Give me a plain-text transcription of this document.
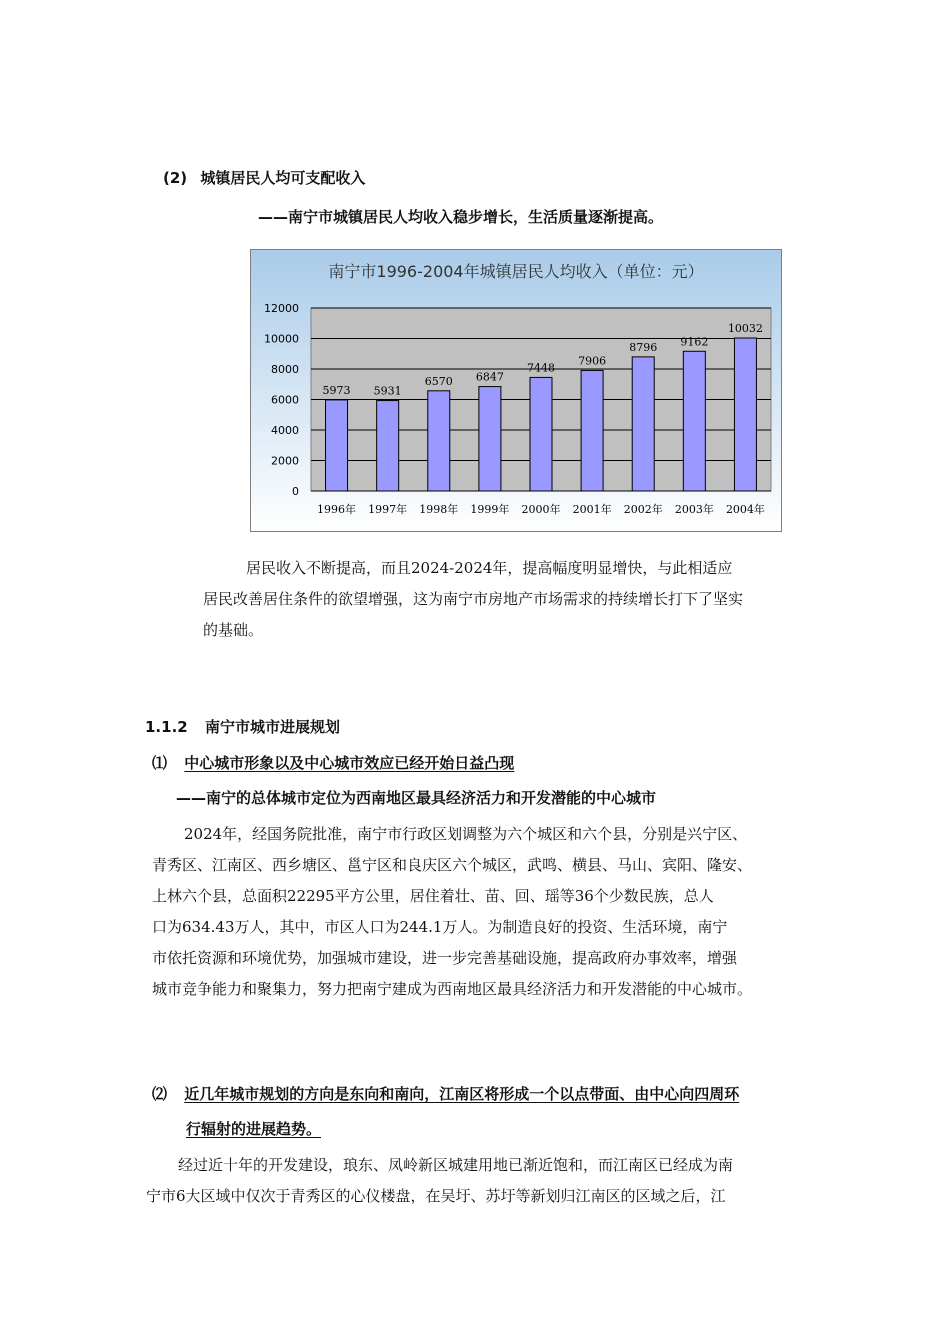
(2) 城镇居民人均可支配收入
——南宁市城镇居民人均收入稳步增长，生活质量逐渐提高。
南宁市1996-2004年城镇居民人均收入（单位：元）
0
2000
4000
6000
8000
10000
12000
5973
1996年
5931
1997年
6570
1998年
6847
1999年
7448
2000年
7906
2001年
8796
2002年
9162
2003年
10032
2004年

居民收入不断提高，而且2024-2024年，提高幅度明显增快，与此相适应

居民改善居住条件的欲望增强，这为南宁市房地产市场需求的持续增长打下了坚实

的基础。

1.1.2 南宁市城市进展规划
⑴ 中心城市形象以及中心城市效应已经开始日益凸现
——南宁的总体城市定位为西南地区最具经济活力和开发潜能的中心城市

2024年，经国务院批准，南宁市行政区划调整为六个城区和六个县，分别是兴宁区、

青秀区、江南区、西乡塘区、邕宁区和良庆区六个城区，武鸣、横县、马山、宾阳、隆安、

上林六个县，总面积22295平方公里，居住着壮、苗、回、瑶等36个少数民族，总人

口为634.43万人，其中，市区人口为244.1万人。为制造良好的投资、生活环境，南宁

市依托资源和环境优势，加强城市建设，进一步完善基础设施，提高政府办事效率，增强

城市竞争能力和聚集力，努力把南宁建成为西南地区最具经济活力和开发潜能的中心城市。

⑵ 近几年城市规划的方向是东向和南向，江南区将形成一个以点带面、由中心向四周环
行辐射的进展趋势。

经过近十年的开发建设，琅东、凤岭新区城建用地已渐近饱和，而江南区已经成为南

宁市6大区域中仅次于青秀区的心仪楼盘，在吴圩、苏圩等新划归江南区的区域之后，江
